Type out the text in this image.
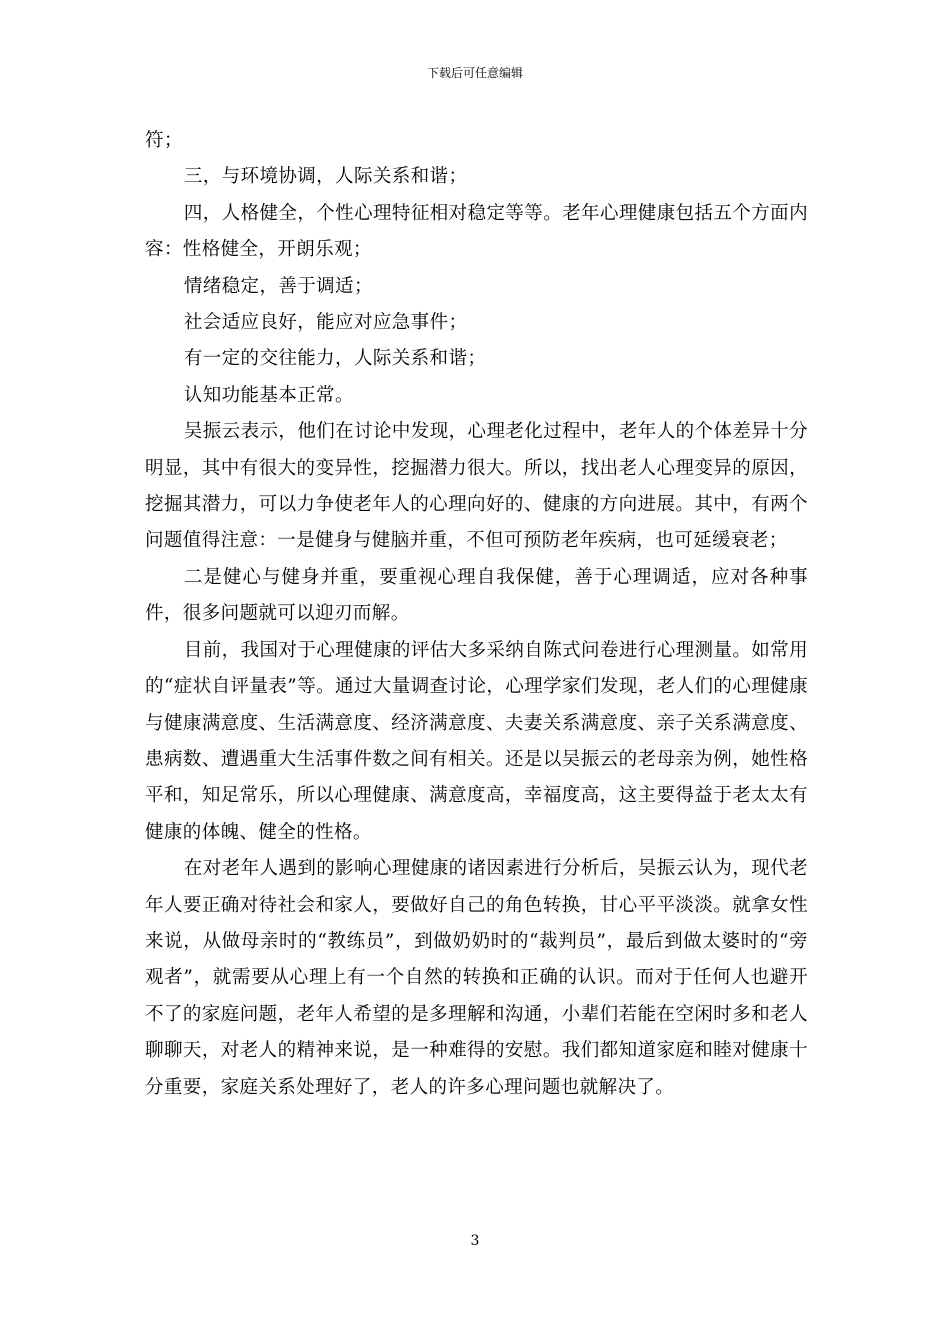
下载后可任意编辑

符；

三，与环境协调，人际关系和谐；

四，人格健全，个性心理特征相对稳定等等。老年心理健康包括五个方面内容：性格健全，开朗乐观；

情绪稳定，善于调适；

社会适应良好，能应对应急事件；

有一定的交往能力，人际关系和谐；

认知功能基本正常。

吴振云表示，他们在讨论中发现，心理老化过程中，老年人的个体差异十分明显，其中有很大的变异性，挖掘潜力很大。所以，找出老人心理变异的原因，挖掘其潜力，可以力争使老年人的心理向好的、健康的方向进展。其中，有两个问题值得注意：一是健身与健脑并重，不但可预防老年疾病，也可延缓衰老；

二是健心与健身并重，要重视心理自我保健，善于心理调适，应对各种事件，很多问题就可以迎刃而解。

目前，我国对于心理健康的评估大多采纳自陈式问卷进行心理测量。如常用的“症状自评量表”等。通过大量调查讨论，心理学家们发现，老人们的心理健康与健康满意度、生活满意度、经济满意度、夫妻关系满意度、亲子关系满意度、患病数、遭遇重大生活事件数之间有相关。还是以吴振云的老母亲为例，她性格平和，知足常乐，所以心理健康、满意度高，幸福度高，这主要得益于老太太有健康的体魄、健全的性格。

在对老年人遇到的影响心理健康的诸因素进行分析后，吴振云认为，现代老年人要正确对待社会和家人，要做好自己的角色转换，甘心平平淡淡。就拿女性来说，从做母亲时的“教练员”，到做奶奶时的“裁判员”，最后到做太婆时的“旁观者”，就需要从心理上有一个自然的转换和正确的认识。而对于任何人也避开不了的家庭问题，老年人希望的是多理解和沟通，小辈们若能在空闲时多和老人聊聊天，对老人的精神来说，是一种难得的安慰。我们都知道家庭和睦对健康十分重要，家庭关系处理好了，老人的许多心理问题也就解决了。

3
